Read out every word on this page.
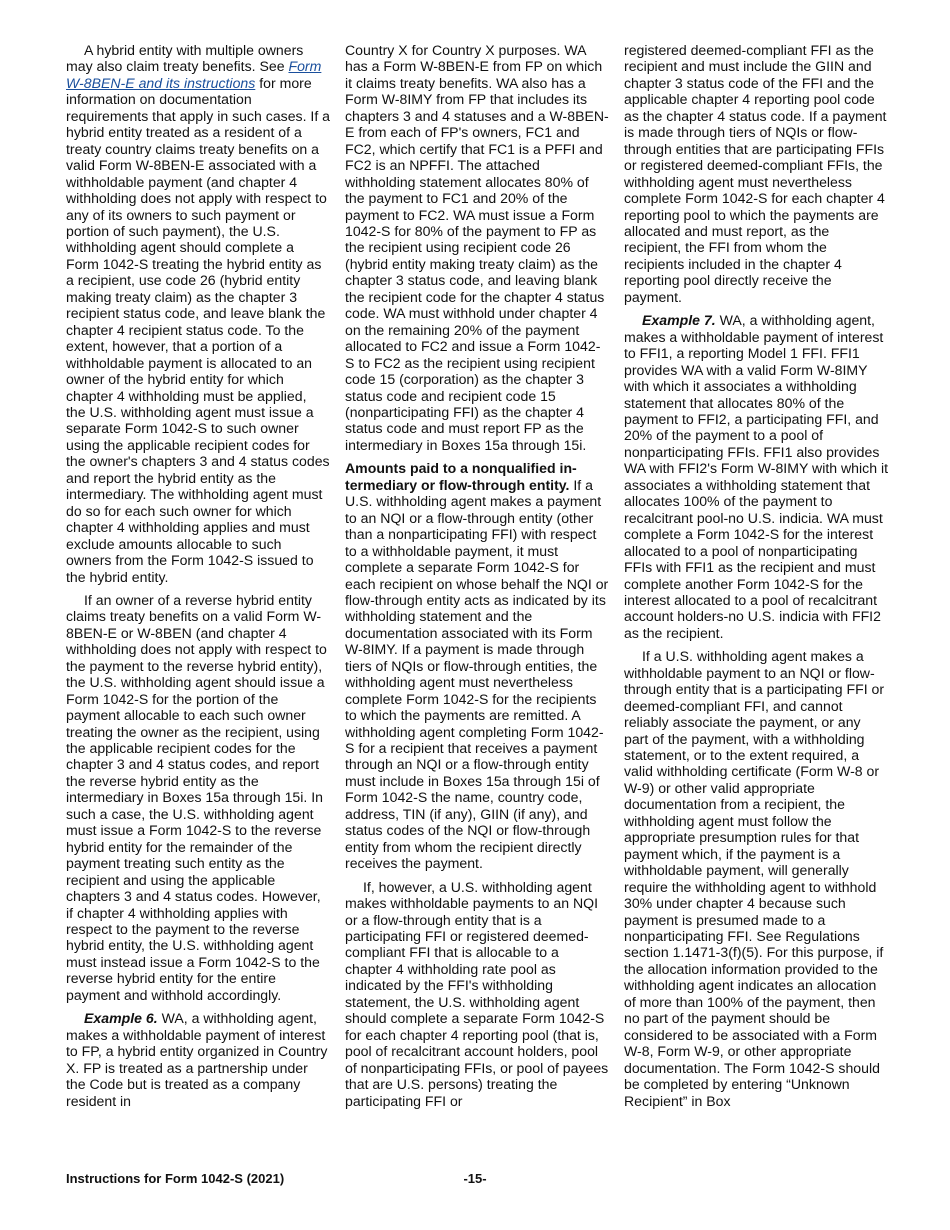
A hybrid entity with multiple owners may also claim treaty benefits. See Form W-8BEN-E and its instructions for more information on documentation requirements that apply in such cases. If a hybrid entity treated as a resident of a treaty country claims treaty benefits on a valid Form W-8BEN-E associated with a withholdable payment (and chapter 4 withholding does not apply with respect to any of its owners to such payment or portion of such payment), the U.S. withholding agent should complete a Form 1042-S treating the hybrid entity as a recipient, use code 26 (hybrid entity making treaty claim) as the chapter 3 recipient status code, and leave blank the chapter 4 recipient status code. To the extent, however, that a portion of a withholdable payment is allocated to an owner of the hybrid entity for which chapter 4 withholding must be applied, the U.S. withholding agent must issue a separate Form 1042-S to such owner using the applicable recipient codes for the owner's chapters 3 and 4 status codes and report the hybrid entity as the intermediary. The withholding agent must do so for each such owner for which chapter 4 withholding applies and must exclude amounts allocable to such owners from the Form 1042-S issued to the hybrid entity.

If an owner of a reverse hybrid entity claims treaty benefits on a valid Form W-8BEN-E or W-8BEN (and chapter 4 withholding does not apply with respect to the payment to the reverse hybrid entity), the U.S. withholding agent should issue a Form 1042-S for the portion of the payment allocable to each such owner treating the owner as the recipient, using the applicable recipient codes for the chapter 3 and 4 status codes, and report the reverse hybrid entity as the intermediary in Boxes 15a through 15i. In such a case, the U.S. withholding agent must issue a Form 1042-S to the reverse hybrid entity for the remainder of the payment treating such entity as the recipient and using the applicable chapters 3 and 4 status codes. However, if chapter 4 withholding applies with respect to the payment to the reverse hybrid entity, the U.S. withholding agent must instead issue a Form 1042-S to the reverse hybrid entity for the entire payment and withhold accordingly.

Example 6. WA, a withholding agent, makes a withholdable payment of interest to FP, a hybrid entity organized in Country X. FP is treated as a partnership under the Code but is treated as a company resident in

Country X for Country X purposes. WA has a Form W-8BEN-E from FP on which it claims treaty benefits. WA also has a Form W-8IMY from FP that includes its chapters 3 and 4 statuses and a W-8BEN-E from each of FP's owners, FC1 and FC2, which certify that FC1 is a PFFI and FC2 is an NPFFI. The attached withholding statement allocates 80% of the payment to FC1 and 20% of the payment to FC2. WA must issue a Form 1042-S for 80% of the payment to FP as the recipient using recipient code 26 (hybrid entity making treaty claim) as the chapter 3 status code, and leaving blank the recipient code for the chapter 4 status code. WA must withhold under chapter 4 on the remaining 20% of the payment allocated to FC2 and issue a Form 1042-S to FC2 as the recipient using recipient code 15 (corporation) as the chapter 3 status code and recipient code 15 (nonparticipating FFI) as the chapter 4 status code and must report FP as the intermediary in Boxes 15a through 15i.

Amounts paid to a nonqualified in-termediary or flow-through entity. If a U.S. withholding agent makes a payment to an NQI or a flow-through entity (other than a nonparticipating FFI) with respect to a withholdable payment, it must complete a separate Form 1042-S for each recipient on whose behalf the NQI or flow-through entity acts as indicated by its withholding statement and the documentation associated with its Form W-8IMY. If a payment is made through tiers of NQIs or flow-through entities, the withholding agent must nevertheless complete Form 1042-S for the recipients to which the payments are remitted. A withholding agent completing Form 1042-S for a recipient that receives a payment through an NQI or a flow-through entity must include in Boxes 15a through 15i of Form 1042-S the name, country code, address, TIN (if any), GIIN (if any), and status codes of the NQI or flow-through entity from whom the recipient directly receives the payment.

If, however, a U.S. withholding agent makes withholdable payments to an NQI or a flow-through entity that is a participating FFI or registered deemed-compliant FFI that is allocable to a chapter 4 withholding rate pool as indicated by the FFI's withholding statement, the U.S. withholding agent should complete a separate Form 1042-S for each chapter 4 reporting pool (that is, pool of recalcitrant account holders, pool of nonparticipating FFIs, or pool of payees that are U.S. persons) treating the participating FFI or

registered deemed-compliant FFI as the recipient and must include the GIIN and chapter 3 status code of the FFI and the applicable chapter 4 reporting pool code as the chapter 4 status code. If a payment is made through tiers of NQIs or flow-through entities that are participating FFIs or registered deemed-compliant FFIs, the withholding agent must nevertheless complete Form 1042-S for each chapter 4 reporting pool to which the payments are allocated and must report, as the recipient, the FFI from whom the recipients included in the chapter 4 reporting pool directly receive the payment.

Example 7. WA, a withholding agent, makes a withholdable payment of interest to FFI1, a reporting Model 1 FFI. FFI1 provides WA with a valid Form W-8IMY with which it associates a withholding statement that allocates 80% of the payment to FFI2, a participating FFI, and 20% of the payment to a pool of nonparticipating FFIs. FFI1 also provides WA with FFI2's Form W-8IMY with which it associates a withholding statement that allocates 100% of the payment to recalcitrant pool-no U.S. indicia. WA must complete a Form 1042-S for the interest allocated to a pool of nonparticipating FFIs with FFI1 as the recipient and must complete another Form 1042-S for the interest allocated to a pool of recalcitrant account holders-no U.S. indicia with FFI2 as the recipient.

If a U.S. withholding agent makes a withholdable payment to an NQI or flow-through entity that is a participating FFI or deemed-compliant FFI, and cannot reliably associate the payment, or any part of the payment, with a withholding statement, or to the extent required, a valid withholding certificate (Form W-8 or W-9) or other valid appropriate documentation from a recipient, the withholding agent must follow the appropriate presumption rules for that payment which, if the payment is a withholdable payment, will generally require the withholding agent to withhold 30% under chapter 4 because such payment is presumed made to a nonparticipating FFI. See Regulations section 1.1471-3(f)(5). For this purpose, if the allocation information provided to the withholding agent indicates an allocation of more than 100% of the payment, then no part of the payment should be considered to be associated with a Form W-8, Form W-9, or other appropriate documentation. The Form 1042-S should be completed by entering “Unknown Recipient” in Box

Instructions for Form 1042-S (2021)	-15-
